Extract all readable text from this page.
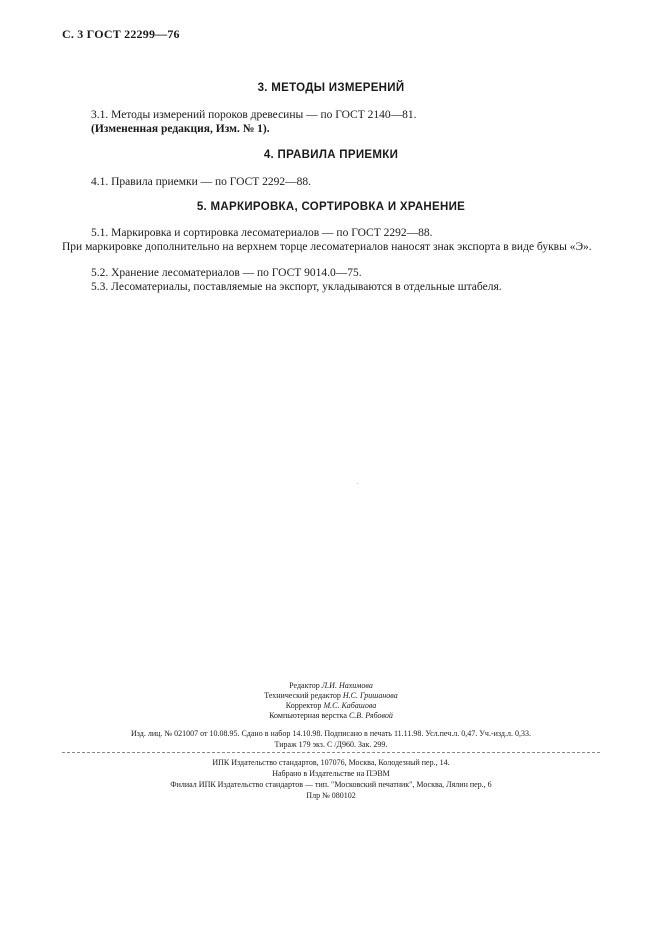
С. 3 ГОСТ 22299—76
3. МЕТОДЫ ИЗМЕРЕНИЙ
3.1. Методы измерений пороков древесины — по ГОСТ 2140—81.
(Измененная редакция, Изм. № 1).
4. ПРАВИЛА ПРИЕМКИ
4.1. Правила приемки — по ГОСТ 2292—88.
5. МАРКИРОВКА, СОРТИРОВКА И ХРАНЕНИЕ
5.1. Маркировка и сортировка лесоматериалов — по ГОСТ 2292—88.
При маркировке дополнительно на верхнем торце лесоматериалов наносят знак экспорта в виде буквы «Э».
5.2. Хранение лесоматериалов — по ГОСТ 9014.0—75.
5.3. Лесоматериалы, поставляемые на экспорт, укладываются в отдельные штабеля.
Редактор Л.И. Нахимова
Технический редактор Н.С. Гришанова
Корректор М.С. Кабашова
Компьютерная верстка С.В. Рябовой
Изд. лиц. № 021007 от 10.08.95. Сдано в набор 14.10.98. Подписано в печать 11.11.98. Усл.печ.л. 0,47. Уч.-изд.л. 0,33.
Тираж 179 экз. С /Д960. Зак. 299.
ИПК Издательство стандартов, 107076, Москва, Колодезный пер., 14.
Набрано в Издательстве на ПЭВМ
Филиал ИПК Издательство стандартов — тип. "Московский печатник", Москва, Лялин пер., 6
Плр № 080102
